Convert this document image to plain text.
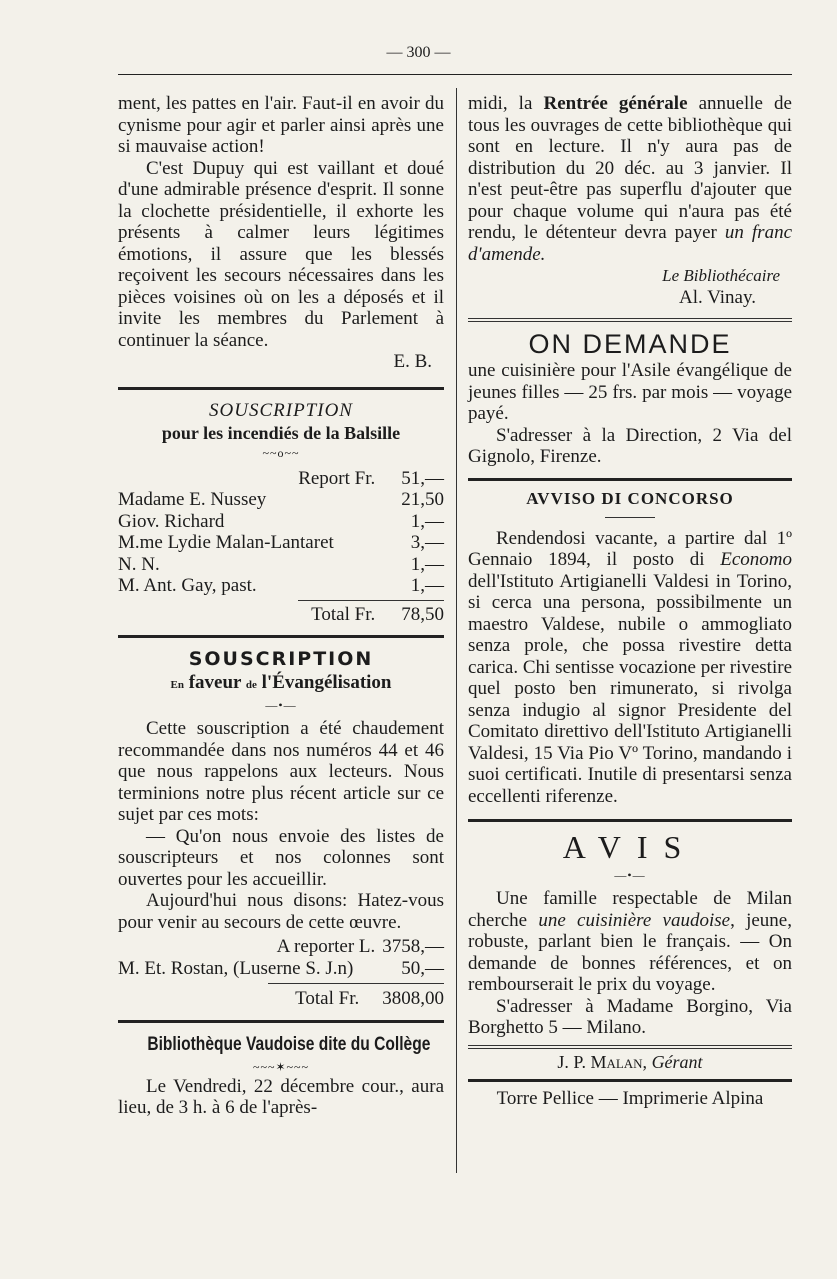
— 300 —

ment, les pattes en l'air. Faut-il en avoir du cynisme pour agir et parler ainsi après une si mauvaise action!

C'est Dupuy qui est vaillant et doué d'une admirable présence d'esprit. Il sonne la clochette présidentielle, il exhorte les présents à calmer leurs légitimes émotions, il assure que les blessés reçoivent les secours nécessaires dans les pièces voisines où on les a déposés et il invite les membres du Parlement à continuer la séance.

E. B.

SOUSCRIPTION
pour les incendiés de la Balsille
~~o~~
Report Fr. 51,—
Madame E. Nussey	21,50
Giov. Richard	1,—
M.me Lydie Malan-Lantaret	3,—
N. N.	1,—
M. Ant. Gay, past.	1,—
Total Fr. 78,50
SOUSCRIPTION
En faveur de l'Évangélisation
—•—

Cette souscription a été chaudement recommandée dans nos numéros 44 et 46 que nous rappelons aux lecteurs. Nous terminions notre plus récent article sur ce sujet par ces mots:

— Qu'on nous envoie des listes de souscripteurs et nos colonnes sont ouvertes pour les accueillir.

Aujourd'hui nous disons: Hatez-vous pour venir au secours de cette œuvre.

A reporter L. 3758,—
M. Et. Rostan, (Luserne S. J.n)	50,—
Total Fr. 3808,00
Bibliothèque Vaudoise dite du Collège
~~~✶~~~

Le Vendredi, 22 décembre cour., aura lieu, de 3 h. à 6 de l'après-

midi, la Rentrée générale annuelle de tous les ouvrages de cette bibliothèque qui sont en lecture. Il n'y aura pas de distribution du 20 déc. au 3 janvier. Il n'est peut-être pas superflu d'ajouter que pour chaque volume qui n'aura pas été rendu, le détenteur devra payer un franc d'amende.

Le Bibliothécaire
Al. Vinay.
ON DEMANDE

une cuisinière pour l'Asile évangélique de jeunes filles — 25 frs. par mois — voyage payé.

S'adresser à la Direction, 2 Via del Gignolo, Firenze.

AVVISO DI CONCORSO

Rendendosi vacante, a partire dal 1º Gennaio 1894, il posto di Economo dell'Istituto Artigianelli Valdesi in Torino, si cerca una persona, possibilmente un maestro Valdese, nubile o ammogliato senza prole, che possa rivestire detta carica. Chi sentisse vocazione per rivestire quel posto ben rimunerato, si rivolga senza indugio al signor Presidente del Comitato direttivo dell'Istituto Artigianelli Valdesi, 15 Via Pio Vº Torino, mandando i suoi certificati. Inutile di presentarsi senza eccellenti riferenze.

AVIS
—•—

Une famille respectable de Milan cherche une cuisinière vaudoise, jeune, robuste, parlant bien le français. — On demande de bonnes références, et on rembourserait le prix du voyage.

S'adresser à Madame Borgino, Via Borghetto 5 — Milano.

J. P. Malan, Gérant
Torre Pellice — Imprimerie Alpina
